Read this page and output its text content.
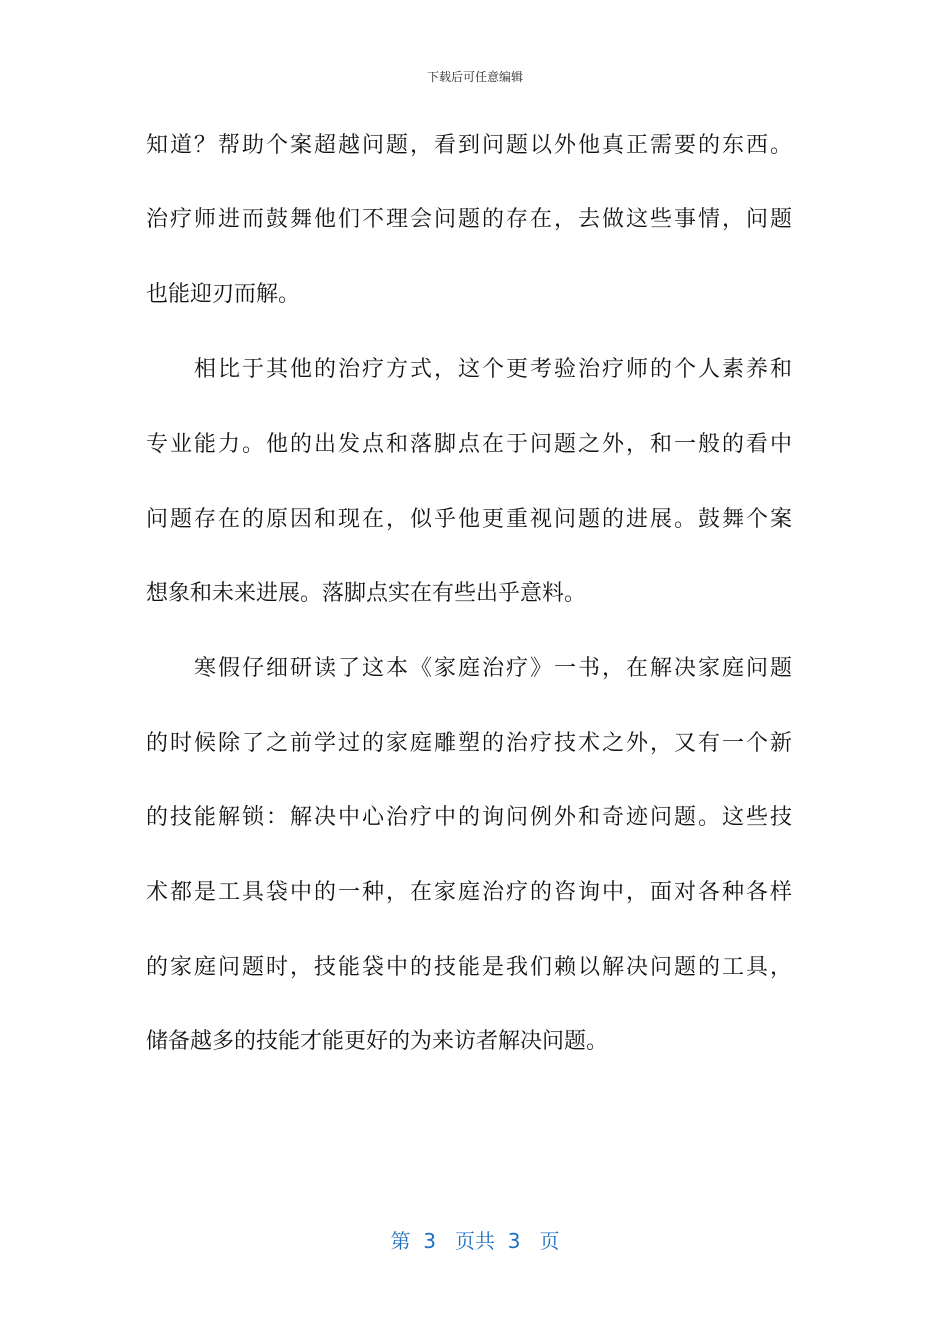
下载后可任意编辑
知道？帮助个案超越问题，看到问题以外他真正需要的东西。
治疗师进而鼓舞他们不理会问题的存在，去做这些事情，问题
也能迎刃而解。
相比于其他的治疗方式，这个更考验治疗师的个人素养和
专业能力。他的出发点和落脚点在于问题之外，和一般的看中
问题存在的原因和现在，似乎他更重视问题的进展。鼓舞个案
想象和未来进展。落脚点实在有些出乎意料。
寒假仔细研读了这本《家庭治疗》一书，在解决家庭问题
的时候除了之前学过的家庭雕塑的治疗技术之外，又有一个新
的技能解锁：解决中心治疗中的询问例外和奇迹问题。这些技
术都是工具袋中的一种，在家庭治疗的咨询中，面对各种各样
的家庭问题时，技能袋中的技能是我们赖以解决问题的工具，
储备越多的技能才能更好的为来访者解决问题。
第  3   页共  3   页
